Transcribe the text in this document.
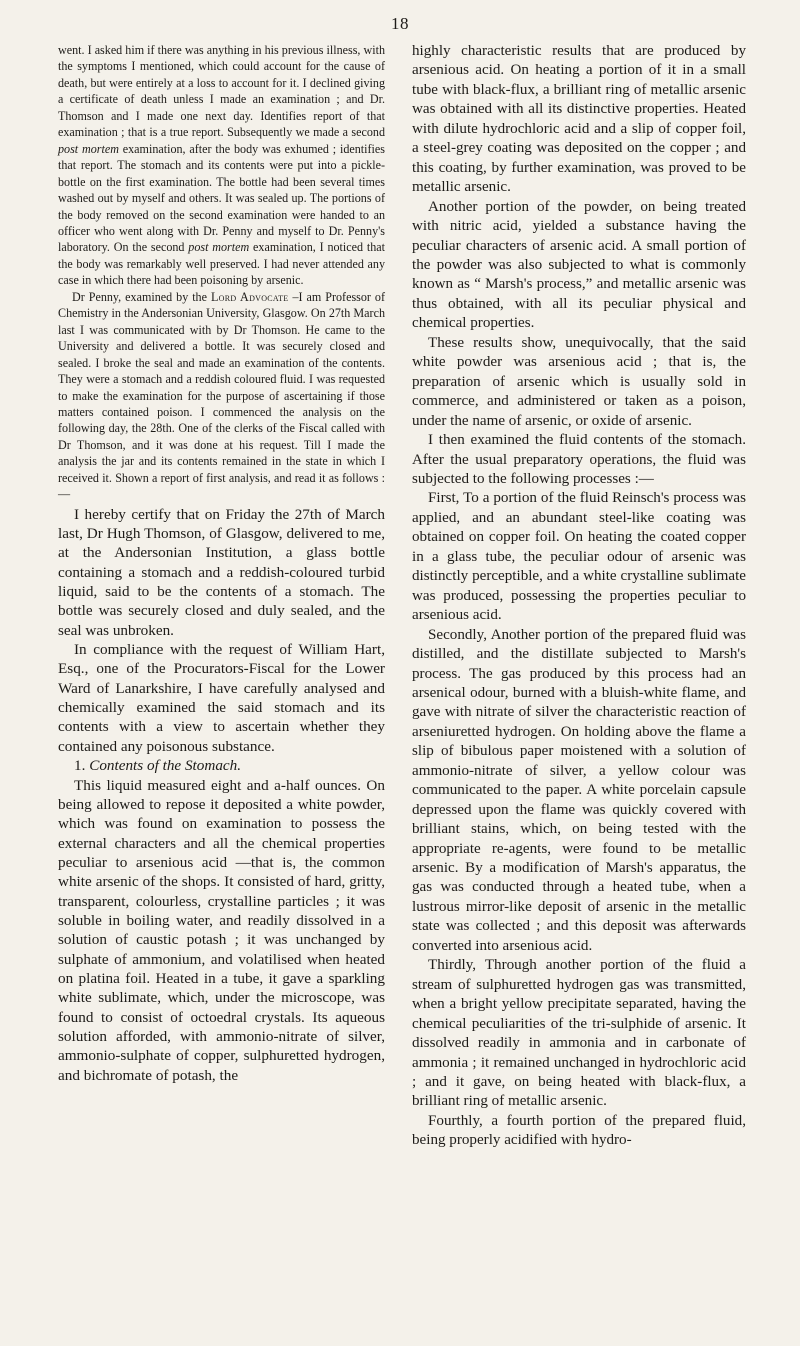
18

went. I asked him if there was anything in his previous illness, with the symptoms I mentioned, which could account for the cause of death, but were entirely at a loss to account for it. I declined giving a certificate of death unless I made an examination ; and Dr. Thomson and I made one next day. Identifies report of that examination ; that is a true report. Subsequently we made a second post mortem examination, after the body was exhumed ; identifies that report. The stomach and its contents were put into a pickle-bottle on the first examination. The bottle had been several times washed out by myself and others. It was sealed up. The portions of the body removed on the second examination were handed to an officer who went along with Dr. Penny and myself to Dr. Penny's laboratory. On the second post mortem examination, I noticed that the body was remarkably well preserved. I had never attended any case in which there had been poisoning by arsenic.

Dr Penny, examined by the Lord Advocate –I am Professor of Chemistry in the Andersonian University, Glasgow. On 27th March last I was communicated with by Dr Thomson. He came to the University and delivered a bottle. It was securely closed and sealed. I broke the seal and made an examination of the contents. They were a stomach and a reddish coloured fluid. I was requested to make the examination for the purpose of ascertaining if those matters contained poison. I commenced the analysis on the following day, the 28th. One of the clerks of the Fiscal called with Dr Thomson, and it was done at his request. Till I made the analysis the jar and its contents remained in the state in which I received it. Shown a report of first analysis, and read it as follows :—

I hereby certify that on Friday the 27th of March last, Dr Hugh Thomson, of Glasgow, delivered to me, at the Andersonian Institution, a glass bottle containing a stomach and a reddish-coloured turbid liquid, said to be the contents of a stomach. The bottle was securely closed and duly sealed, and the seal was unbroken.

In compliance with the request of William Hart, Esq., one of the Procurators-Fiscal for the Lower Ward of Lanarkshire, I have carefully analysed and chemically examined the said stomach and its contents with a view to ascertain whether they contained any poisonous substance.

1. Contents of the Stomach.

This liquid measured eight and a-half ounces. On being allowed to repose it deposited a white powder, which was found on examination to possess the external characters and all the chemical properties peculiar to arsenious acid —that is, the common white arsenic of the shops. It consisted of hard, gritty, transparent, colourless, crystalline particles ; it was soluble in boiling water, and readily dissolved in a solution of caustic potash ; it was unchanged by sulphate of ammonium, and volatilised when heated on platina foil. Heated in a tube, it gave a sparkling white sublimate, which, under the microscope, was found to consist of octoedral crystals. Its aqueous solution afforded, with ammonio-nitrate of silver, ammonio-sulphate of copper, sulphuretted hydrogen, and bichromate of potash, the

highly characteristic results that are produced by arsenious acid. On heating a portion of it in a small tube with black-flux, a brilliant ring of metallic arsenic was obtained with all its distinctive properties. Heated with dilute hydrochloric acid and a slip of copper foil, a steel-grey coating was deposited on the copper ; and this coating, by further examination, was proved to be metallic arsenic.

Another portion of the powder, on being treated with nitric acid, yielded a substance having the peculiar characters of arsenic acid. A small portion of the powder was also subjected to what is commonly known as “ Marsh's process,” and metallic arsenic was thus obtained, with all its peculiar physical and chemical properties.

These results show, unequivocally, that the said white powder was arsenious acid ; that is, the preparation of arsenic which is usually sold in commerce, and administered or taken as a poison, under the name of arsenic, or oxide of arsenic.

I then examined the fluid contents of the stomach. After the usual preparatory operations, the fluid was subjected to the following processes :—

First, To a portion of the fluid Reinsch's process was applied, and an abundant steel-like coating was obtained on copper foil. On heating the coated copper in a glass tube, the peculiar odour of arsenic was distinctly perceptible, and a white crystalline sublimate was produced, possessing the properties peculiar to arsenious acid.

Secondly, Another portion of the prepared fluid was distilled, and the distillate subjected to Marsh's process. The gas produced by this process had an arsenical odour, burned with a bluish-white flame, and gave with nitrate of silver the characteristic reaction of arseniuretted hydrogen. On holding above the flame a slip of bibulous paper moistened with a solution of ammonio-nitrate of silver, a yellow colour was communicated to the paper. A white porcelain capsule depressed upon the flame was quickly covered with brilliant stains, which, on being tested with the appropriate re-agents, were found to be metallic arsenic. By a modification of Marsh's apparatus, the gas was conducted through a heated tube, when a lustrous mirror-like deposit of arsenic in the metallic state was collected ; and this deposit was afterwards converted into arsenious acid.

Thirdly, Through another portion of the fluid a stream of sulphuretted hydrogen gas was transmitted, when a bright yellow precipitate separated, having the chemical peculiarities of the tri-sulphide of arsenic. It dissolved readily in ammonia and in carbonate of ammonia ; it remained unchanged in hydrochloric acid ; and it gave, on being heated with black-flux, a brilliant ring of metallic arsenic.

Fourthly, a fourth portion of the prepared fluid, being properly acidified with hydro-
